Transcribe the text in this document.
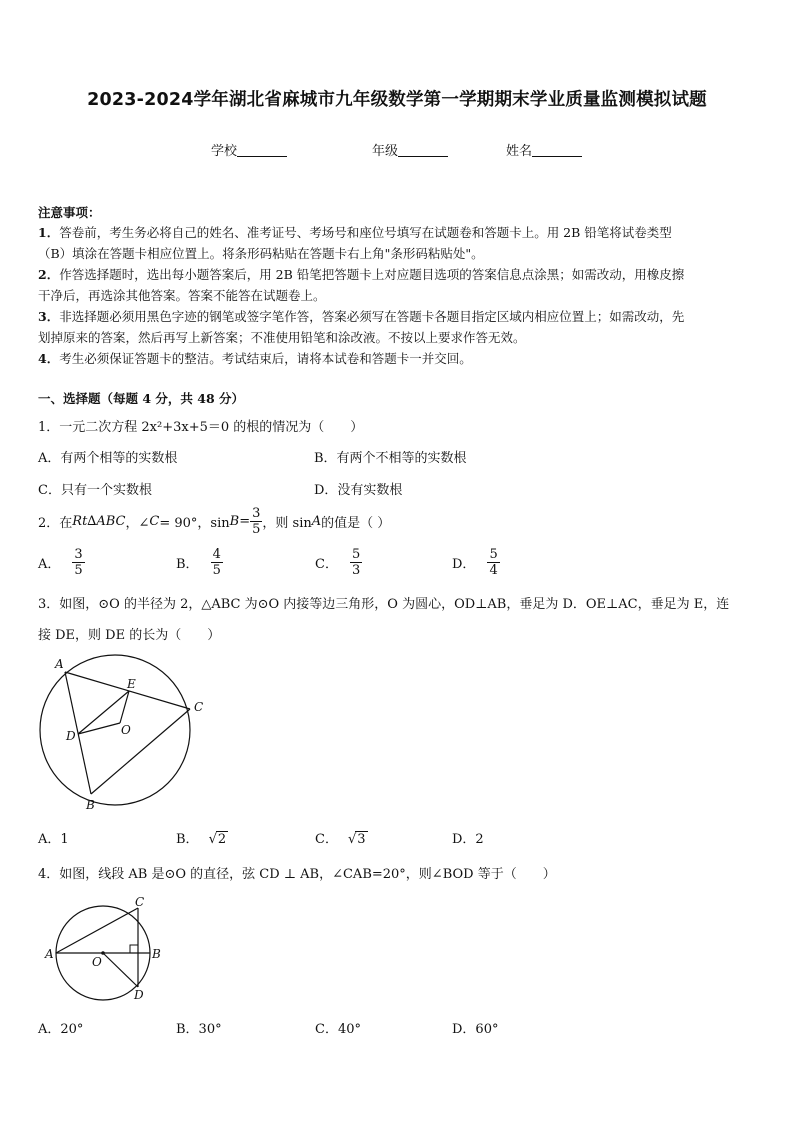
2023-2024学年湖北省麻城市九年级数学第一学期期末学业质量监测模拟试题
学校	年级	姓名
注意事项：
1．答卷前，考生务必将自己的姓名、准考证号、考场号和座位号填写在试题卷和答题卡上。用 2B 铅笔将试卷类型
（B）填涂在答题卡相应位置上。将条形码粘贴在答题卡右上角"条形码粘贴处"。
2．作答选择题时，选出每小题答案后，用 2B 铅笔把答题卡上对应题目选项的答案信息点涂黑；如需改动，用橡皮擦
干净后，再选涂其他答案。答案不能答在试题卷上。
3．非选择题必须用黑色字迹的钢笔或签字笔作答，答案必须写在答题卡各题目指定区域内相应位置上；如需改动，先
划掉原来的答案，然后再写上新答案；不准使用铅笔和涂改液。不按以上要求作答无效。
4．考生必须保证答题卡的整洁。考试结束后，请将本试卷和答题卡一并交回。
一、选择题（每题 4 分，共 48 分）
1．一元二次方程 2x²+3x+5＝0 的根的情况为（　　）
A．有两个相等的实数根	B．有两个不相等的实数根
C．只有一个实数根	D．没有实数根
2．在 Rt∆ABC ，∠ C = 90°，$\sin B = \frac{3}{5}$ ，则 sin A 的值是（ ）
A． $\frac{3}{5}$	B． $\frac{4}{5}$	C． $\frac{5}{3}$	D． $\frac{5}{4}$
3．如图，⊙O 的半径为 2，△ABC 为⊙O 内接等边三角形，O 为圆心，OD⊥AB，垂足为 D．OE⊥AC，垂足为 E，连
接 DE，则 DE 的长为（　　）
A
B
C
D
E
O
A．1	B． √2	C． √3	D．2
4．如图，线段 AB 是⊙O 的直径，弦 CD ⊥ AB，∠CAB=20°，则∠BOD 等于（　　）
A	B
C
D
O
A．20°	B．30°	C．40°	D．60°
